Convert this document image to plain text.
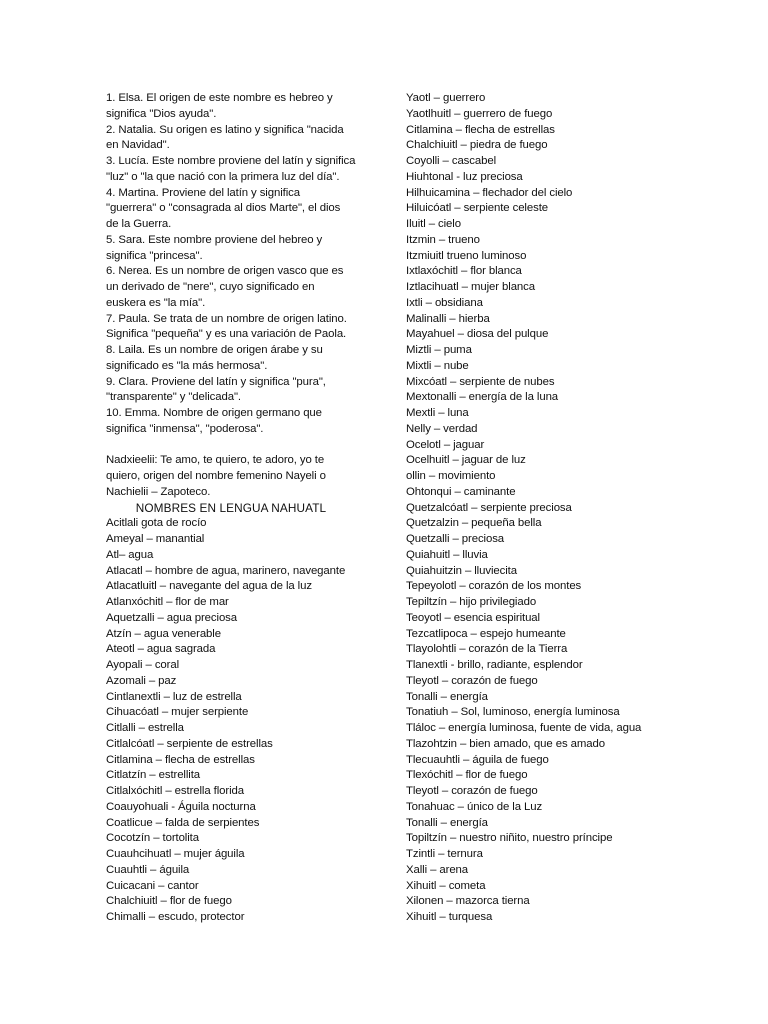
1. Elsa. El origen de este nombre es hebreo y
significa "Dios ayuda".
2. Natalia. Su origen es latino y significa "nacida
en Navidad".
3. Lucía. Este nombre proviene del latín y significa
"luz" o "la que nació con la primera luz del día".
4. Martina. Proviene del latín y significa
"guerrera" o "consagrada al dios Marte", el dios
de la Guerra.
5. Sara. Este nombre proviene del hebreo y
significa "princesa".
6. Nerea. Es un nombre de origen vasco que es
un derivado de "nere", cuyo significado en
euskera es "la mía".
7. Paula. Se trata de un nombre de origen latino.
Significa "pequeña" y es una variación de Paola.
8. Laila. Es un nombre de origen árabe y su
significado es "la más hermosa".
9. Clara. Proviene del latín y significa "pura",
"transparente" y "delicada".
10. Emma. Nombre de origen germano que
significa "inmensa", "poderosa".
Nadxieelii: Te amo, te quiero, te adoro, yo te
quiero, origen del nombre femenino Nayeli o
Nachielii – Zapoteco.
NOMBRES EN LENGUA NAHUATL
Acitlali gota de rocío
Ameyal – manantial
Atl– agua
Atlacatl – hombre de agua, marinero, navegante
Atlacatluitl – navegante del agua de la luz
Atlanxóchitl – flor de mar
Aquetzalli – agua preciosa
Atzín – agua venerable
Ateotl – agua sagrada
Ayopali – coral
Azomali – paz
Cintlanextli – luz de estrella
Cihuacóatl – mujer serpiente
Citlalli – estrella
Citlalcóatl – serpiente de estrellas
Citlamina – flecha de estrellas
Citlatzín – estrellita
Citlalxóchitl – estrella florida
Coauyohuali - Águila nocturna
Coatlicue – falda de serpientes
Cocotzín – tortolita
Cuauhcihuatl – mujer águila
Cuauhtli – águila
Cuicacani – cantor
Chalchiuitl – flor de fuego
Chimalli – escudo, protector
Yaotl – guerrero
Yaotlhuitl – guerrero de fuego
Citlamina – flecha de estrellas
Chalchiuitl – piedra de fuego
Coyolli – cascabel
Hiuhtonal - luz preciosa
Hilhuicamina – flechador del cielo
Hiluicóatl – serpiente celeste
Iluitl – cielo
Itzmin – trueno
Itzmiuitl trueno luminoso
Ixtlaxóchitl – flor blanca
Iztlacihuatl – mujer blanca
Ixtli – obsidiana
Malinalli – hierba
Mayahuel – diosa del pulque
Miztli – puma
Mixtli – nube
Mixcóatl – serpiente de nubes
Mextonalli – energía de la luna
Mextli – luna
Nelly – verdad
Ocelotl – jaguar
Ocelhuitl – jaguar de luz
ollin – movimiento
Ohtonqui – caminante
Quetzalcóatl – serpiente preciosa
Quetzalzin – pequeña bella
Quetzalli – preciosa
Quiahuitl – lluvia
Quiahuitzin – lluviecita
Tepeyolotl – corazón de los montes
Tepiltzín – hijo privilegiado
Teoyotl – esencia espiritual
Tezcatlipoca – espejo humeante
Tlayolohtli – corazón de la Tierra
Tlanextli - brillo, radiante, esplendor
Tleyotl – corazón de fuego
Tonalli – energía
Tonatiuh – Sol, luminoso, energía luminosa
Tláloc – energía luminosa, fuente de vida, agua
Tlazohtzin – bien amado, que es amado
Tlecuauhtli – águila de fuego
Tlexóchitl – flor de fuego
Tleyotl – corazón de fuego
Tonahuac – único de la Luz
Tonalli – energía
Topiltzín – nuestro niñito, nuestro príncipe
Tzintli – ternura
Xalli – arena
Xihuitl – cometa
Xilonen – mazorca tierna
Xihuitl – turquesa
